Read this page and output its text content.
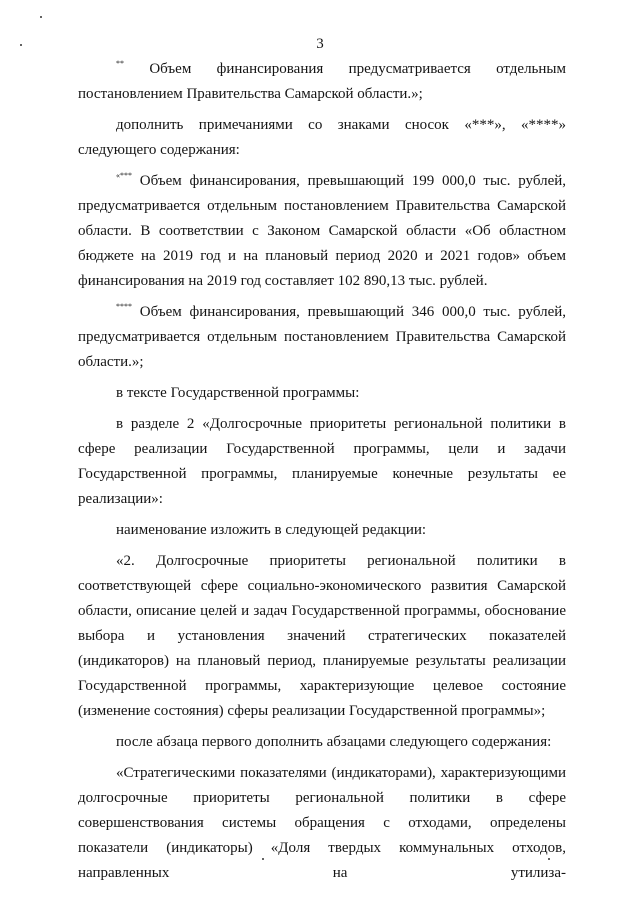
3

** Объем финансирования предусматривается отдельным постановлением Правительства Самарской области.»;

дополнить примечаниями со знаками сносок «***», «****» следующего содержания:

«*** Объем финансирования, превышающий 199 000,0 тыс. рублей, предусматривается отдельным постановлением Правительства Самарской области. В соответствии с Законом Самарской области «Об областном бюджете на 2019 год и на плановый период 2020 и 2021 годов» объем финансирования на 2019 год составляет 102 890,13 тыс. рублей.

**** Объем финансирования, превышающий 346 000,0 тыс. рублей, предусматривается отдельным постановлением Правительства Самарской области.»;

в тексте Государственной программы:

в разделе 2 «Долгосрочные приоритеты региональной политики в сфере реализации Государственной программы, цели и задачи Государственной программы, планируемые конечные результаты ее реализации»:

наименование изложить в следующей редакции:

«2. Долгосрочные приоритеты региональной политики в соответствующей сфере социально-экономического развития Самарской области, описание целей и задач Государственной программы, обоснование выбора и установления значений стратегических показателей (индикаторов) на плановый период, планируемые результаты реализации Государственной программы, характеризующие целевое состояние (изменение состояния) сферы реализации Государственной программы»;

после абзаца первого дополнить абзацами следующего содержания:

«Стратегическими показателями (индикаторами), характеризующими долгосрочные приоритеты региональной политики в сфере совершенствования системы обращения с отходами, определены показатели (индикаторы) «Доля твердых коммунальных отходов, направленных на утилиза-
